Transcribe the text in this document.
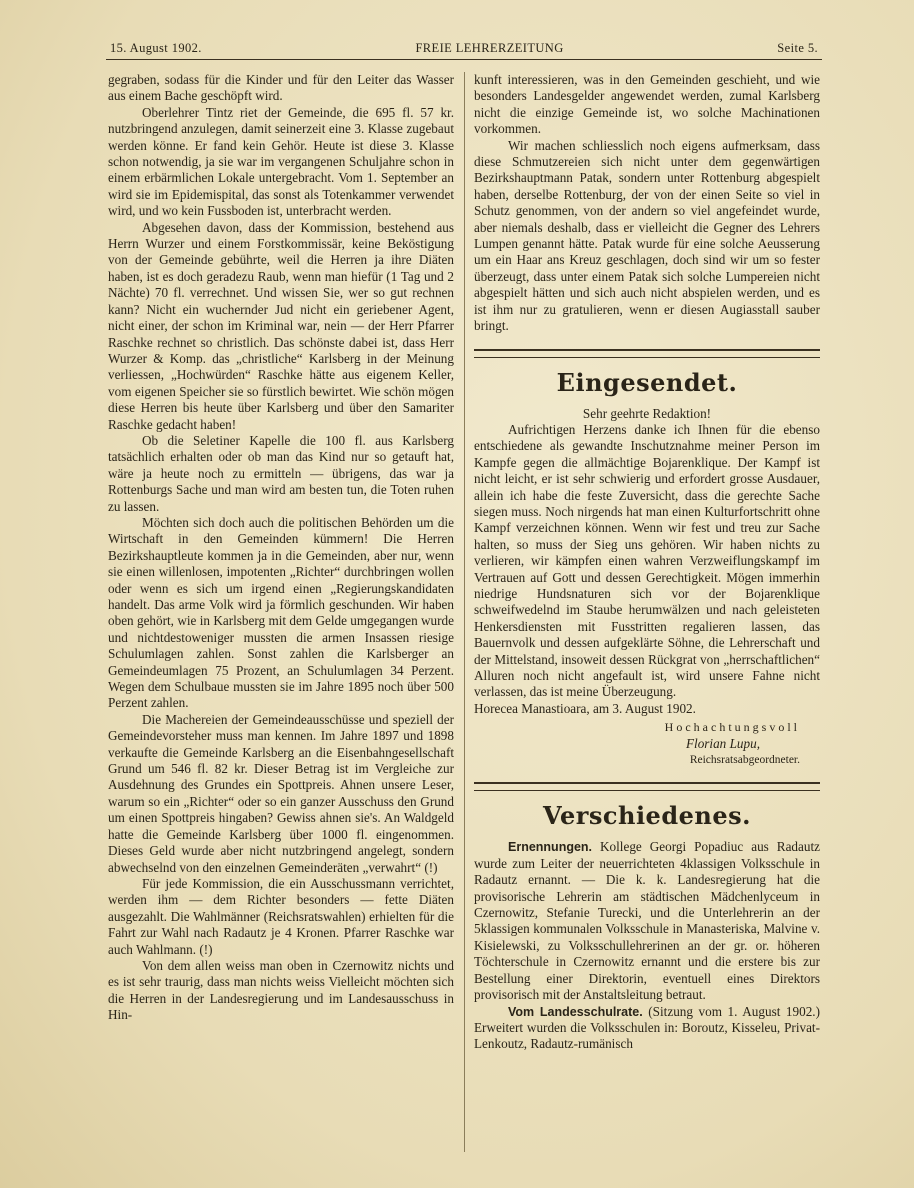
15. August 1902.	FREIE LEHRERZEITUNG	Seite 5.

gegraben, sodass für die Kinder und für den Leiter das Wasser aus einem Bache geschöpft wird.

Oberlehrer Tintz riet der Gemeinde, die 695 fl. 57 kr. nutzbringend anzulegen, damit seinerzeit eine 3. Klasse zugebaut werden könne. Er fand kein Gehör. Heute ist diese 3. Klasse schon notwendig, ja sie war im vergangenen Schuljahre schon in einem erbärmlichen Lokale untergebracht. Vom 1. September an wird sie im Epidemispital, das sonst als Totenkammer verwendet wird, und wo kein Fussboden ist, unterbracht werden.

Abgesehen davon, dass der Kommission, bestehend aus Herrn Wurzer und einem Forstkommissär, keine Beköstigung von der Gemeinde gebührte, weil die Herren ja ihre Diäten haben, ist es doch geradezu Raub, wenn man hiefür (1 Tag und 2 Nächte) 70 fl. verrechnet. Und wissen Sie, wer so gut rechnen kann? Nicht ein wuchernder Jud nicht ein geriebener Agent, nicht einer, der schon im Kriminal war, nein — der Herr Pfarrer Raschke rechnet so christlich. Das schönste dabei ist, dass Herr Wurzer & Komp. das „christliche“ Karlsberg in der Meinung verliessen, „Hochwürden“ Raschke hätte aus eigenem Keller, vom eigenen Speicher sie so fürstlich bewirtet. Wie schön mögen diese Herren bis heute über Karlsberg und über den Samariter Raschke gedacht haben!

Ob die Seletiner Kapelle die 100 fl. aus Karlsberg tatsächlich erhalten oder ob man das Kind nur so getauft hat, wäre ja heute noch zu ermitteln — übrigens, das war ja Rottenburgs Sache und man wird am besten tun, die Toten ruhen zu lassen.

Möchten sich doch auch die politischen Behörden um die Wirtschaft in den Gemeinden kümmern! Die Herren Bezirkshauptleute kommen ja in die Gemeinden, aber nur, wenn sie einen willenlosen, impotenten „Richter“ durchbringen wollen oder wenn es sich um irgend einen „Regierungskandidaten handelt. Das arme Volk wird ja förmlich geschunden. Wir haben oben gehört, wie in Karlsberg mit dem Gelde umgegangen wurde und nichtdestoweniger mussten die armen Insassen riesige Schulumlagen zahlen. Sonst zahlen die Karlsberger an Gemeindeumlagen 75 Prozent, an Schulumlagen 34 Perzent. Wegen dem Schulbaue mussten sie im Jahre 1895 noch über 500 Perzent zahlen.

Die Machereien der Gemeindeausschüsse und speziell der Gemeindevorsteher muss man kennen. Im Jahre 1897 und 1898 verkaufte die Gemeinde Karlsberg an die Eisenbahngesellschaft Grund um 546 fl. 82 kr. Dieser Betrag ist im Vergleiche zur Ausdehnung des Grundes ein Spottpreis. Ahnen unsere Leser, warum so ein „Richter“ oder so ein ganzer Ausschuss den Grund um einen Spottpreis hingaben? Gewiss ahnen sie's. An Waldgeld hatte die Gemeinde Karlsberg über 1000 fl. eingenommen. Dieses Geld wurde aber nicht nutzbringend angelegt, sondern abwechselnd von den einzelnen Gemeinderäten „verwahrt“ (!)

Für jede Kommission, die ein Ausschussmann verrichtet, werden ihm — dem Richter besonders — fette Diäten ausgezahlt. Die Wahlmänner (Reichsratswahlen) erhielten für die Fahrt zur Wahl nach Radautz je 4 Kronen. Pfarrer Raschke war auch Wahlmann. (!)

Von dem allen weiss man oben in Czernowitz nichts und es ist sehr traurig, dass man nichts weiss Vielleicht möchten sich die Herren in der Landesregierung und im Landesausschuss in Hin-

kunft interessieren, was in den Gemeinden geschieht, und wie besonders Landesgelder angewendet werden, zumal Karlsberg nicht die einzige Gemeinde ist, wo solche Machinationen vorkommen.

Wir machen schliesslich noch eigens aufmerksam, dass diese Schmutzereien sich nicht unter dem gegenwärtigen Bezirkshauptmann Patak, sondern unter Rottenburg abgespielt haben, derselbe Rottenburg, der von der einen Seite so viel in Schutz genommen, von der andern so viel angefeindet wurde, aber niemals deshalb, dass er vielleicht die Gegner des Lehrers Lumpen genannt hätte. Patak wurde für eine solche Aeusserung um ein Haar ans Kreuz geschlagen, doch sind wir um so fester überzeugt, dass unter einem Patak sich solche Lumpereien nicht abgespielt hätten und sich auch nicht abspielen werden, und es ist ihm nur zu gratulieren, wenn er diesen Augiasstall sauber bringt.

Eingesendet.

Sehr geehrte Redaktion!

Aufrichtigen Herzens danke ich Ihnen für die ebenso entschiedene als gewandte Inschutznahme meiner Person im Kampfe gegen die allmächtige Bojarenklique. Der Kampf ist nicht leicht, er ist sehr schwierig und erfordert grosse Ausdauer, allein ich habe die feste Zuversicht, dass die gerechte Sache siegen muss. Noch nirgends hat man einen Kulturfortschritt ohne Kampf verzeichnen können. Wenn wir fest und treu zur Sache halten, so muss der Sieg uns gehören. Wir haben nichts zu verlieren, wir kämpfen einen wahren Verzweiflungskampf im Vertrauen auf Gott und dessen Gerechtigkeit. Mögen immerhin niedrige Hundsnaturen sich vor der Bojarenklique schweifwedelnd im Staube herumwälzen und nach geleisteten Henkersdiensten mit Fusstritten regalieren lassen, das Bauernvolk und dessen aufgeklärte Söhne, die Lehrerschaft und der Mittelstand, insoweit dessen Rückgrat von „herrschaftlichen“ Alluren noch nicht angefault ist, wird unsere Fahne nicht verlassen, das ist meine Überzeugung.

Horecea Manastioara, am 3. August 1902.

Hochachtungsvoll
Florian Lupu,
Reichsratsabgeordneter.
Verschiedenes.

Ernennungen. Kollege Georgi Popadiuc aus Radautz wurde zum Leiter der neuerrichteten 4klassigen Volksschule in Radautz ernannt. — Die k. k. Landesregierung hat die provisorische Lehrerin am städtischen Mädchenlyceum in Czernowitz, Stefanie Turecki, und die Unterlehrerin an der 5klassigen kommunalen Volksschule in Manasteriska, Malvine v. Kisielewski, zu Volksschullehrerinen an der gr. or. höheren Töchterschule in Czernowitz ernannt und die erstere bis zur Bestellung einer Direktorin, eventuell eines Direktors provisorisch mit der Anstaltsleitung betraut.

Vom Landesschulrate. (Sitzung vom 1. August 1902.) Erweitert wurden die Volksschulen in: Boroutz, Kisseleu, Privat-Lenkoutz, Radautz-rumänisch
